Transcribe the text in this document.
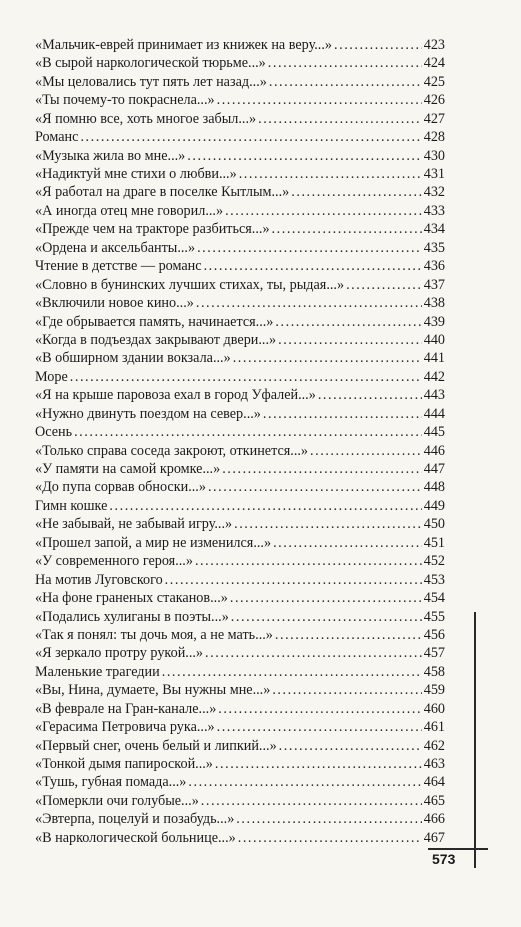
«Мальчик-еврей принимает из книжек на веру...» . . .	423
«В сырой наркологической тюрьме...» . . .	424
«Мы целовались тут пять лет назад...» . . .	425
«Ты почему-то покраснела...» . . .	426
«Я помню все, хоть многое забыл...» . . .	427
Романс . . .	428
«Музыка жила во мне...» . . .	430
«Надиктуй мне стихи о любви...» . . .	431
«Я работал на драге в поселке Кытлым...» . . .	432
«А иногда отец мне говорил...» . . .	433
«Прежде чем на тракторе разбиться...» . . .	434
«Ордена и аксельбанты...» . . .	435
Чтение в детстве — романс . . .	436
«Словно в бунинских лучших стихах, ты, рыдая...» . . .	437
«Включили новое кино...» . . .	438
«Где обрывается память, начинается...» . . .	439
«Когда в подъездах закрывают двери...» . . .	440
«В обширном здании вокзала...» . . .	441
Море . . .	442
«Я на крыше паровоза ехал в город Уфалей...» . . .	443
«Нужно двинуть поездом на север...» . . .	444
Осень . . .	445
«Только справа соседа закроют, откинется...» . . .	446
«У памяти на самой кромке...» . . .	447
«До пупа сорвав обноски...» . . .	448
Гимн кошке . . .	449
«Не забывай, не забывай игру...» . . .	450
«Прошел запой, а мир не изменился...» . . .	451
«У современного героя...» . . .	452
На мотив Луговского . . .	453
«На фоне граненых стаканов...» . . .	454
«Подались хулиганы в поэты...» . . .	455
«Так я понял: ты дочь моя, а не мать...» . . .	456
«Я зеркало протру рукой...» . . .	457
Маленькие трагедии . . .	458
«Вы, Нина, думаете, Вы нужны мне...» . . .	459
«В феврале на Гран-канале...» . . .	460
«Герасима Петровича рука...» . . .	461
«Первый снег, очень белый и липкий...» . . .	462
«Тонкой дымя папироской...» . . .	463
«Тушь, губная помада...» . . .	464
«Померкли очи голубые...» . . .	465
«Эвтерпа, поцелуй и позабудь...» . . .	466
«В наркологической больнице...» . . .	467
573
